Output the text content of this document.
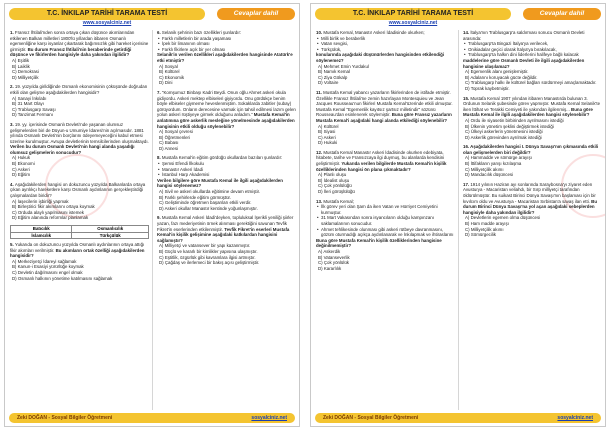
T.C. İNKILAP TARİHİ TARAMA TESTİ	Cevaplar dahil
www.sosyalciniz.net
1. Fransız İhtilali'nden sonra ortaya çıkan düşünce akımlarından etkilenen Balkan milletleri 1800'lü yıllardan itibaren Osmanlı egemenliğine karşı isyanlar çıkartarak bağımsızlık gibi hareket içerisine girmiştir. Bu durum Fransız İhtilali'nin beraberinde getirdiği düşünce ve fikirlerden hangisiyle daha yakından ilgilidir?
A) Eşitlik
B) Laiklik
C) Demokrasi
D) Milliyetçilik
2. 19. yüzyılda girildiğinde Osmanlı ekonomisinin çöküşünde doğrudan etkili olan gelişme aşağıdakilerden hangisidir?
A) Sanayi İnkılabı
B) 31 Mart Olayı
C) Trablusgarp Savaşı
D) Tanzimat Fermanı
3. 19. yy. içerisinde Osmanlı Devleti'nde yaşanan olumsuz gelişmelerden biri de Düyun-u Umumiye İdaresi'nin açılmasıdır. 1881 yılında Osmanlı Devleti'nin borçlarını ödeyemeyeceğini kabul etmesi üzerine kurulmuştur. Avrupa devletlerinin temsilcilerinden oluşmaktaydı. Verilen bu durum Osmanlı Devleti'nin hangi alanda yaşadığı olumsuz gelişmelerin sonucudur?
A) Hukuk
B) Ekonomi
C) Askeri
D) Eğitim
4. Aşağıdakilerden hangisi on dokuzuncu yüzyılda Balkanlarda ortaya çıkan ayrılıkçı hareketlere karşı Osmanlı aydınlarının gerçekleştirdiği çalışmalardan biridir?
A) İaşecilerin işbirliği yapmak
B) Birleştirici fikir akımlarını ortaya koymak
C) Orduda alaylı yapılmasını istemek
D) Eğitim alanında reformlar planlamak
Batıcılık	Osmanlıcılık
İslamcılık	Türkçülük
5. Yukarıda on dokuzuncu yüzyılda Osmanlı aydınlarının ortaya attığı fikir akımları verilmiştir. Bu akımların ortak özelliği aşağıdakilerden hangisidir?
A) Merkeziyetçi İdareyi sağlamak
B) Kanun-i Esasiyi yürürlüğe koymak
C) Devletin dağılmasını engel olmak
D) Osmanlı halkının yönetime katılmasını sağlamak
6. Selanik şehrinin bazı özellikleri şunlardır:
• Farklı milletlerin bir arada yaşaması
• İpek bir limanının olması
• Farklı fikirlere açık bir yer olması
Selanik'in verilen özellikleri aşağıdakilerden hangisinde Atatürk'e etki etmiştir?
A) Sosyal
B) Kültürel
C) Ekonomik
D) Dini
7. "Komşumuz Binbaşı Kadri Beydi. Onun oğlu Ahmet askeri okula gidiyordu. Askeri mektep elbiseleri giyiyordu. Onu gördükçe benim böyle elbiseler giymeme heveslenmiştim. Sokaklarda zabitler (subay) görüyordum. Onların derecesine varmak için tahsil edilmesi lazım gelen yolun askeri rüştiyeye girmek olduğunu anladım." Mustafa Kemal'in anlatımına göre askerlik mesleğine yönelmesinde aşağıdakilerden hangisinin etkili olduğu söylenebilir?
A) Sosyal çevresi
B) Öğretmenleri
C) Babası
D) Annesi
8. Mustafa Kemal'in eğitim gördüğü okullardan bazıları şunlardır:
• Şemsi Efendi İlkokulu
• Manastır Askeri İdadi
• İstanbul Harp Akademisi
Verilen bilgilere göre Mustafa Kemal ile ilgili aşağıdakilerden hangisi söylenemez?
A) Sivil ve askeri okullarda eğitimine devam etmiştir.
B) Farklı şehirlerde eğitim görmüştür.
C) Geliştiminde öğretmen başarıları etkili verdir.
D) Askeri okullar Manastır kentinde yoğunlaşmıştır.
9. Mustafa Kemal Askeri İdadi'deyken, topluluksal İşerikli yeniliği şiirler yazan, fazı mederiyetinin örnek alınması gerektiğini savunan Tevfik Fikret'in eserlerinden etkilenmiştir. Tevfik Fikret'in eserleri Mustafa Kemal'in kişilik gelişimine aşağıdaki katkılardan hangisini sağlamıştır?
A) Milliyetçi ve vatansever bir yapı kazanmıştır.
B) Güçlü ve kararlı bir kimlikler yapısına ulaşmıştır.
C) Eştitlik, özgürlük gibi kavramlara ilgisi artmıştır.
D) Çağdaş ve ilerlemeci bir bakış açısı geliştirmiştir.
Zeki DOĞAN - Sosyal Bilgiler Öğretmeni	sosyalciniz.net
T.C. İNKILAP TARİHİ TARAMA TESTİ	Cevaplar dahil
www.sosyalciniz.net
10. Mustafa Kemal, Manastır Askeri İdadisinde okurken;
• Milli birlik ve beraberlik
• Vatan sevgisi,
• Türkçülük,
konularında aşağıdaki düşünürlerden hangisinden etkilendiği söylenemez?
A) Mehmet Emin Yurdakul
B) Namık Kemal
C) Ziya Gökalp
D) Voltaire
11. Mustafa Kemal yabancı yazarların fikirlerinden de istifade etmiştir. Özellikle Fransız İhtilali'ne zemin hazırlayan Montesquieu ve Jean Jacques Rousseau'nun fikirleri Mustafa Kemal'üzerinde etkili olmuştur. Mustafa Kemal "Egemenlik kayıtsız şartsız milletindir" sözünü Rousseau'dan esinlenerek söylemiştir. Buna göre Fransız yazarların Mustafa Kemal'i aşağıdaki hangi alanda etkilediği söylenebilir?
A) Kültürel
B) Siyasi
C) Askeri
D) Hukuki
12. Mustafa Kemal Manastır Askeri İdadisinde okurken edebiyata, hitabete, tarihe ve Fransızcaya ilgi duymuş, bu alanlarda kendisini geliştirmiştir. Yukarıda verilen bilgilerde Mustafa Kemal'in kişilik özelliklerinden hangisi ön plana çıkmaktadır?
A) Planlı oluşu
B) İdealist oluşu
C) Çok yönlülüğü
D) İleri görüşlülüğü
13. Mustafa Kemal;
• İlk görev yeri olan Şam da iken Vatan ve Hürriyet Cemiyetini kurmuştur.
• 31 Mart Vakasından sonra isyancıların olduğu kampınzanı saklamalarının sonucudur.
• Ahmet tehlikesinde olunması gibi askeri rütbeye davranmasını, gözüm oturmadığı açıkça aydınlanarak ve İnkılapmak ve ihtiraslarını
Buna göre Mustafa Kemal'in kişilik özelliklerinden hangisine değinilmemiştir?
A) Askerdik
B) Vatanseverlik
C) Çok yönlülük
D) Kararlılık
14. İtalya'nın Trablusgarp'a saldırması sonucu Osmanlı Devleti arasında:
• Trablusgarp'ta Bingazi İtalya'ya verilecek,
• Onikiadalar geçici olarak İtalya'ya bırakılacak,
• Trablusgarp'ta halkın dini liderlerini halifeye bağlı kalacak
maddelerine göre Osmanlı Devleti ile ilgili aşağıdakilerden hangisine ulaşılamaz?
A) Egemenlik alanı genişlemiştir.
B) Adalarını koruyacak gücte değildir.
C) Trablusgarp halkı ile kültürel bağları sürdürmeyi amaçlamaktadır.
D) Toprak kaybetmiştir.
15. Mustafa Kemal 1907 yılından itibaren Manastırda bulunan 3. Ordunun Selanik şubesinde görev yapmıştır. Mustafa Kemal Selanik'te iken İttihat ve Terakki Cemiyeti ile yakından ilgilenmiş... Buna göre Mustafa Kemal ile ilgili aşağıdakilerden hangisi söylenebilir?
A) Ordu ile siyasetin birbirinden ayrılmasını istediği
B) Ülkenin yönetim şeklini değiştirmek istediği
C) Ülkeyi askerlerin yönetmesini istediği
D) Askerlik görevinden ayrılmak istediği
16. Aşağıdakilerden hangisi I. Dünya Savaşı'nın çıkmasında etkili olan gelişmelerden biri değildir?
A) Hammadde ve sömürge arayışı
B) İttifakların yarışı kızılaşma
C) Milliyetçilik akımı
D) Mandacılık düşüncesi
17. 1914 yılının Haziran ayı sonlarında Saraybosna'yı ziyaret eden Avusturya - Macaristan veliahdı, bir Sırp milliyetçi tarafından öldürülmüştür. Bu suikast Birinci Dünya Savaşı'nın başlaması için bir kıvılcım oldu ve Avusturya - Macaristan Sırbistan'a savaş ilan etti. Bu durum Birinci Dünya Savaşı'na yol açan aşağıdaki sebeplerden hangisiyle daha yakından ilgilidir?
A) Devletlerin egemen olma düşüncesi
B) Ham madde arayışı
C) Milliyetçilik akımı
D) Sömürgecilik
Zeki DOĞAN - Sosyal Bilgiler Öğretmeni	sosyalciniz.net
